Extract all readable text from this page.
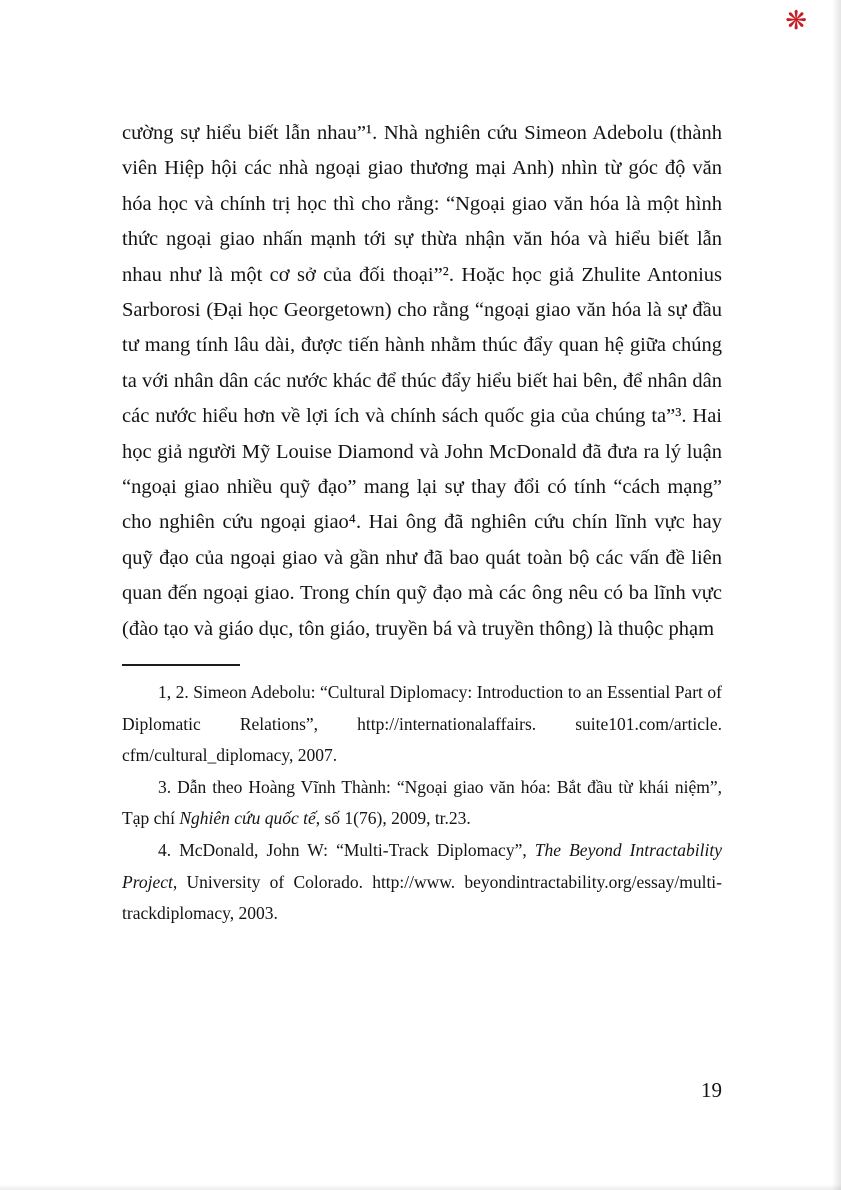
❋
cường sự hiểu biết lẫn nhau”¹. Nhà nghiên cứu Simeon Adebolu (thành viên Hiệp hội các nhà ngoại giao thương mại Anh) nhìn từ góc độ văn hóa học và chính trị học thì cho rằng: “Ngoại giao văn hóa là một hình thức ngoại giao nhấn mạnh tới sự thừa nhận văn hóa và hiểu biết lẫn nhau như là một cơ sở của đối thoại”². Hoặc học giả Zhulite Antonius Sarborosi (Đại học Georgetown) cho rằng “ngoại giao văn hóa là sự đầu tư mang tính lâu dài, được tiến hành nhằm thúc đẩy quan hệ giữa chúng ta với nhân dân các nước khác để thúc đẩy hiểu biết hai bên, để nhân dân các nước hiểu hơn về lợi ích và chính sách quốc gia của chúng ta”³. Hai học giả người Mỹ Louise Diamond và John McDonald đã đưa ra lý luận “ngoại giao nhiều quỹ đạo” mang lại sự thay đổi có tính “cách mạng” cho nghiên cứu ngoại giao⁴. Hai ông đã nghiên cứu chín lĩnh vực hay quỹ đạo của ngoại giao và gần như đã bao quát toàn bộ các vấn đề liên quan đến ngoại giao. Trong chín quỹ đạo mà các ông nêu có ba lĩnh vực (đào tạo và giáo dục, tôn giáo, truyền bá và truyền thông) là thuộc phạm

1, 2. Simeon Adebolu: “Cultural Diplomacy: Introduction to an Essential Part of Diplomatic Relations”, http://internationalaffairs. suite101.com/article. cfm/cultural_diplomacy, 2007.

3. Dẫn theo Hoàng Vĩnh Thành: “Ngoại giao văn hóa: Bắt đầu từ khái niệm”, Tạp chí Nghiên cứu quốc tế, số 1(76), 2009, tr.23.

4. McDonald, John W: “Multi-Track Diplomacy”, The Beyond Intractability Project, University of Colorado. http://www. beyondintractability.org/essay/multi-trackdiplomacy, 2003.

19
